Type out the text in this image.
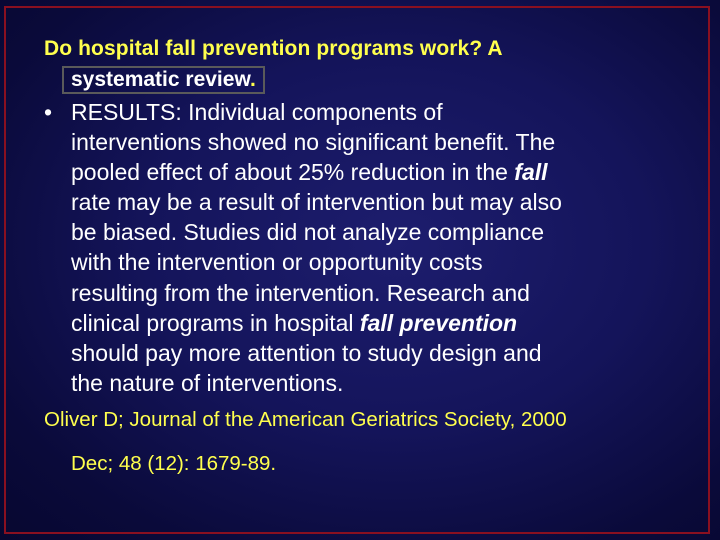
Do hospital fall prevention programs work? A
systematic review.
• RESULTS: Individual components of
interventions showed no significant benefit. The
pooled effect of about 25% reduction in the fall
rate may be a result of intervention but may also
be biased. Studies did not analyze compliance
with the intervention or opportunity costs
resulting from the intervention. Research and
clinical programs in hospital fall prevention
should pay more attention to study design and
the nature of interventions.
Oliver D; Journal of the American Geriatrics Society, 2000
Dec; 48 (12): 1679-89.
